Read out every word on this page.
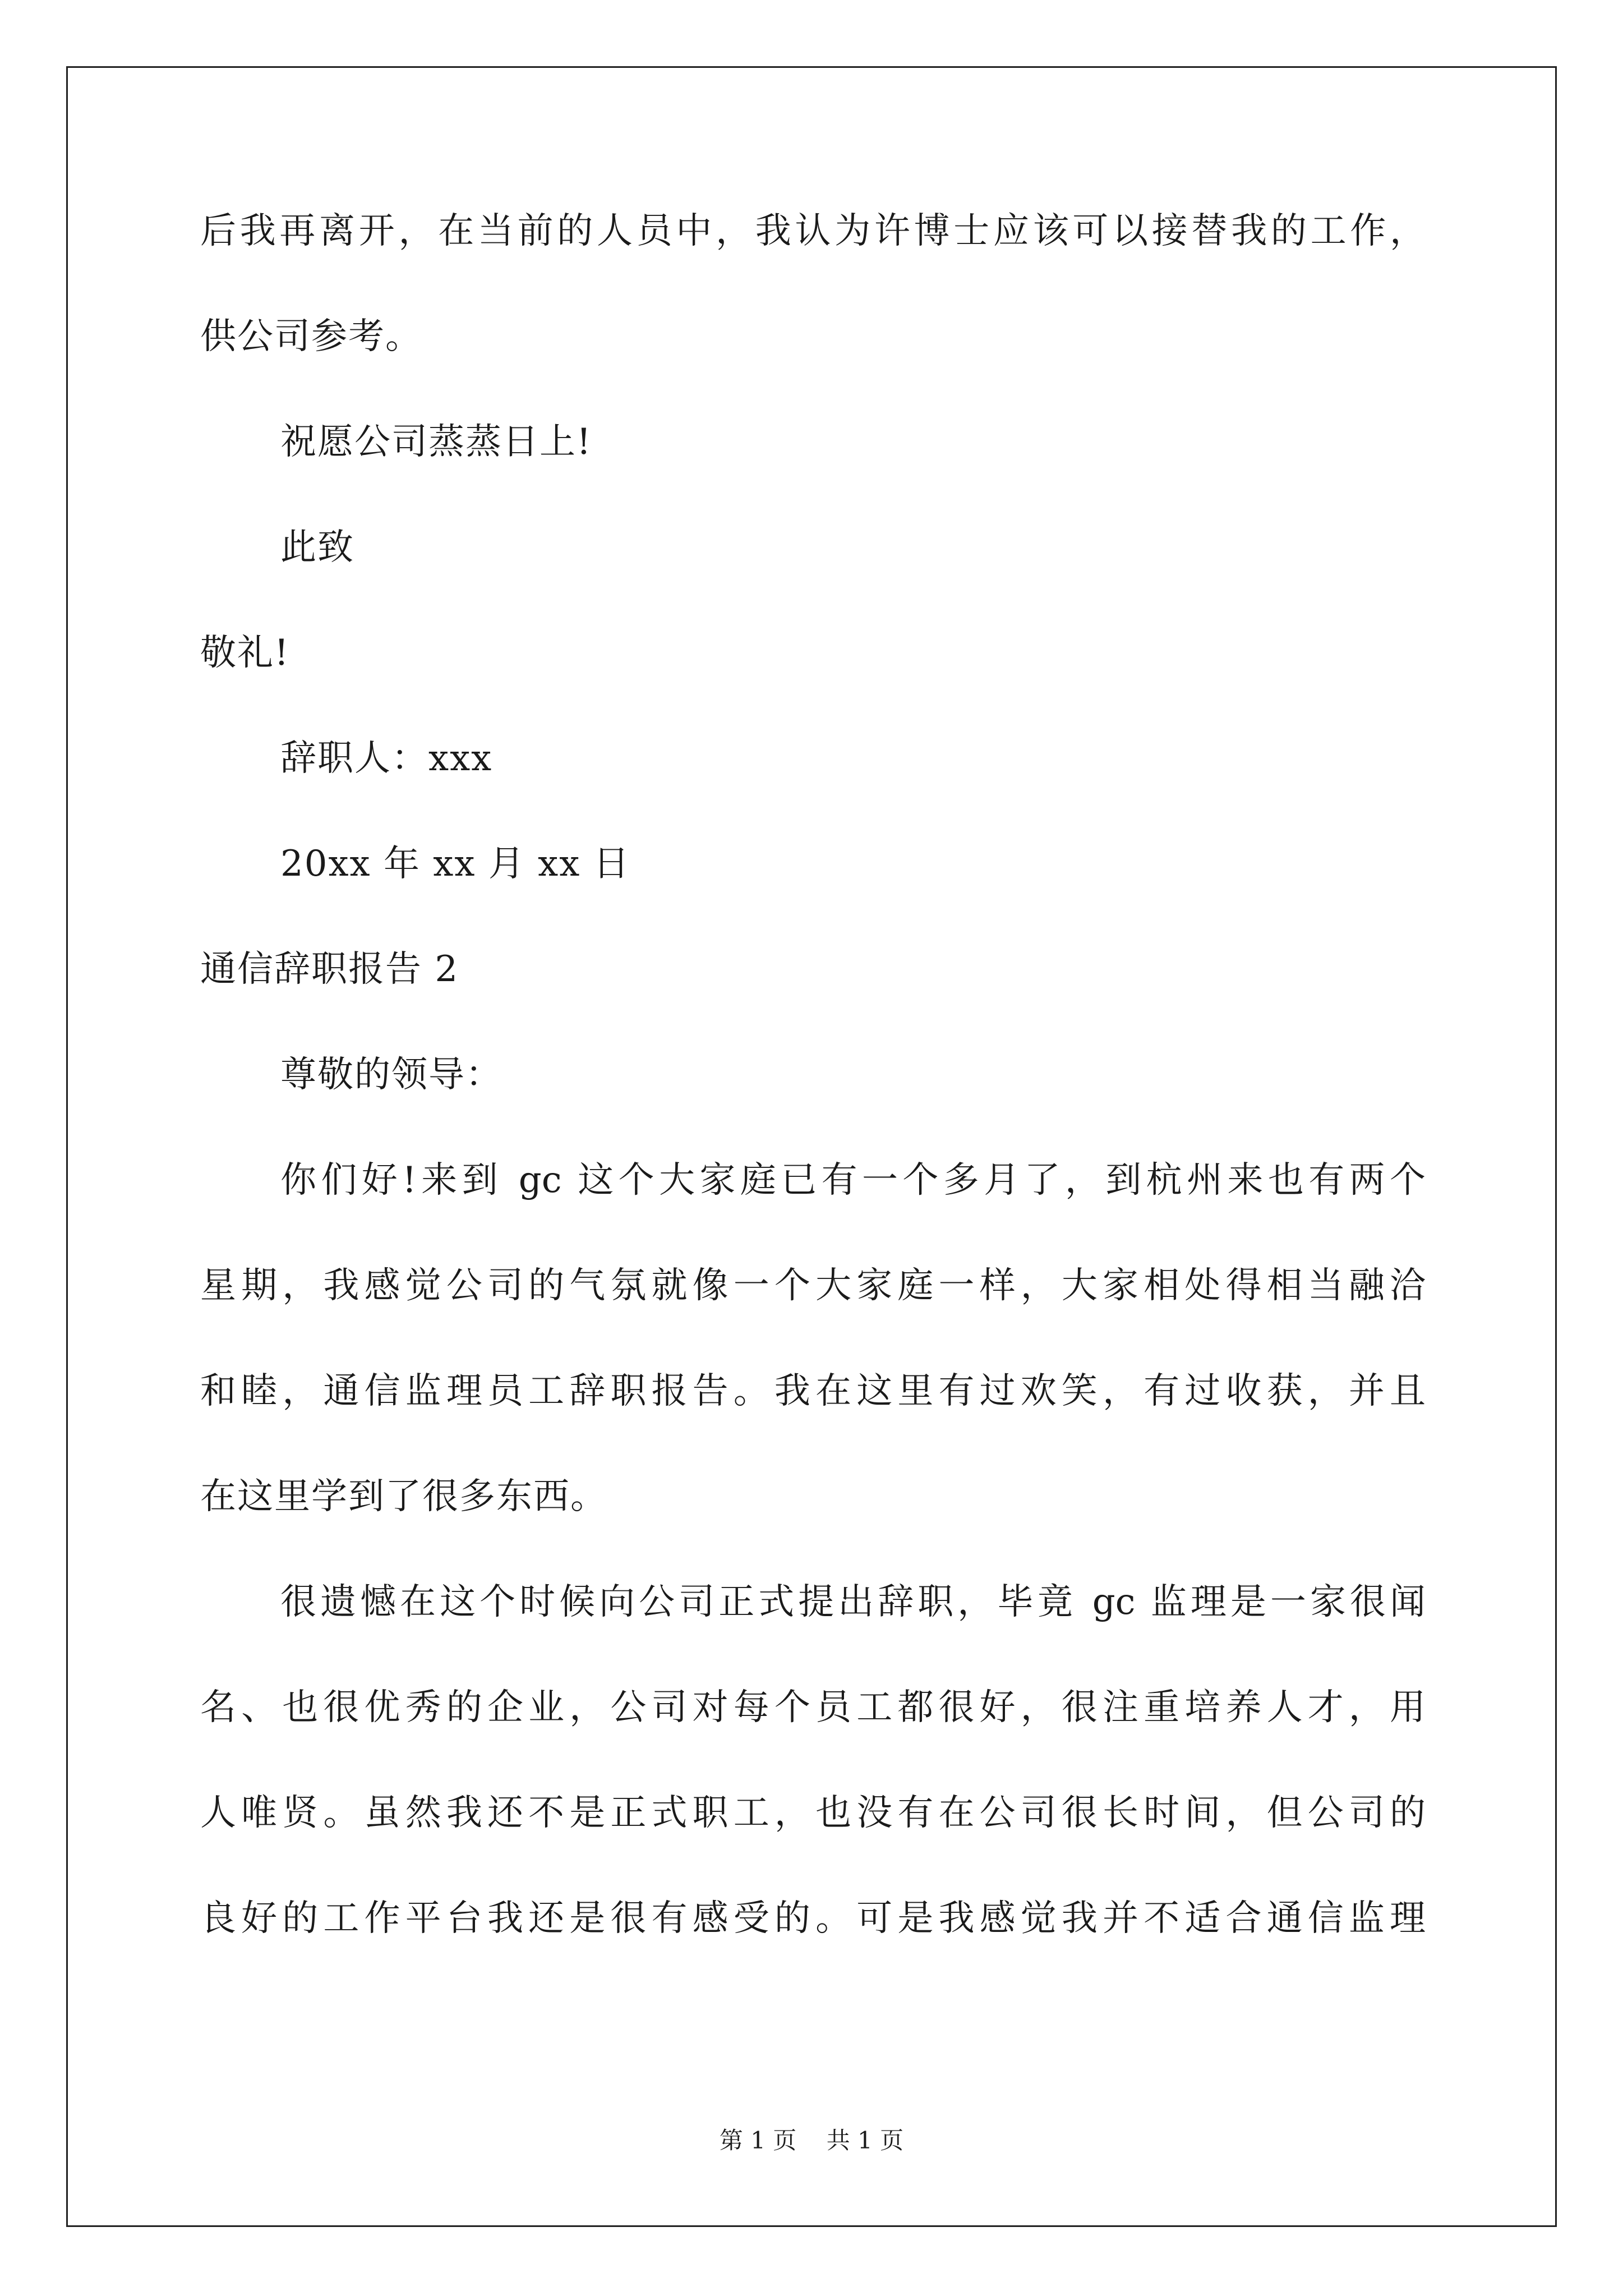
后我再离开，在当前的人员中，我认为许博士应该可以接替我的工作，
供公司参考。
祝愿公司蒸蒸日上!
此致
敬礼!
辞职人：xxx
20xx 年 xx 月 xx 日
通信辞职报告 2
尊敬的领导：
你们好!来到 gc 这个大家庭已有一个多月了，到杭州来也有两个
星期，我感觉公司的气氛就像一个大家庭一样，大家相处得相当融洽
和睦，通信监理员工辞职报告。我在这里有过欢笑，有过收获，并且
在这里学到了很多东西。
很遗憾在这个时候向公司正式提出辞职，毕竟 gc 监理是一家很闻
名、也很优秀的企业，公司对每个员工都很好，很注重培养人才，用
人唯贤。虽然我还不是正式职工，也没有在公司很长时间，但公司的
良好的工作平台我还是很有感受的。可是我感觉我并不适合通信监理
第 1 页    共 1 页
